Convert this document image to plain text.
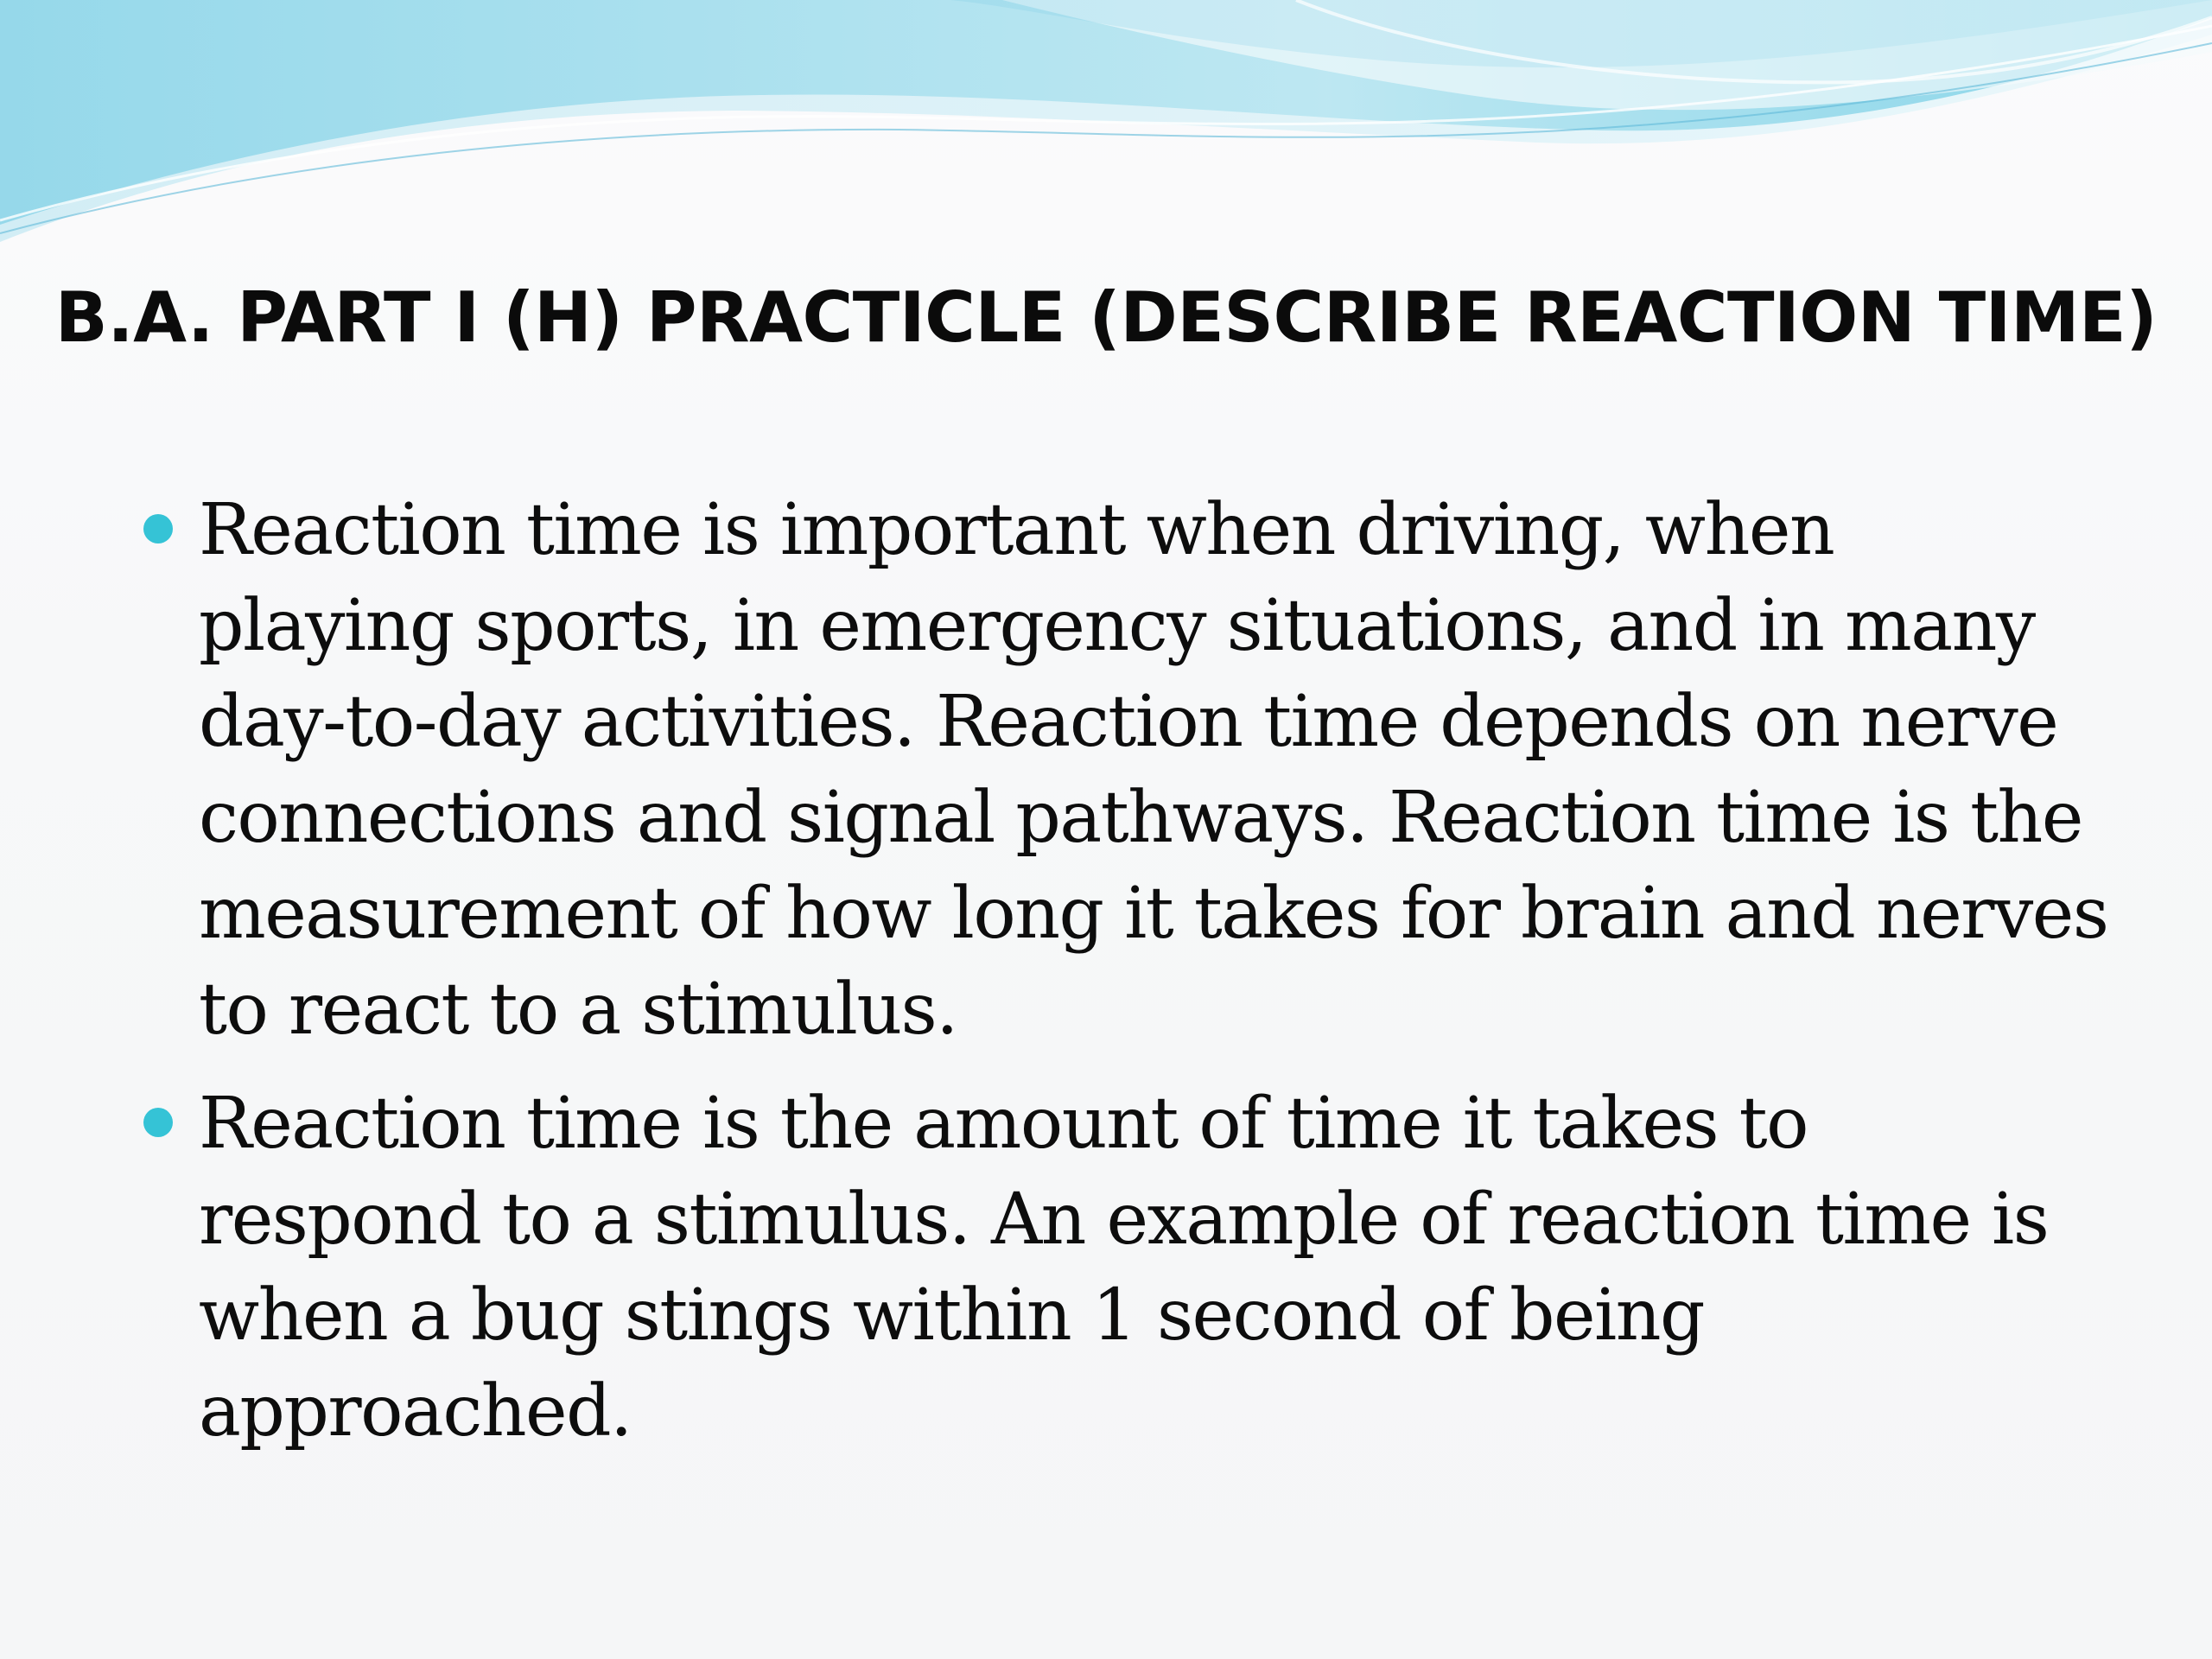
B.A. PART I (H) PRACTICLE (DESCRIBE REACTION TIME)
Reaction time is important when driving, when
playing sports, in emergency situations, and in many
day-to-day activities. Reaction time depends on nerve
connections and signal pathways. Reaction time is the
measurement of how long it takes for brain and nerves
to react to a stimulus.
Reaction time is the amount of time it takes to
respond to a stimulus. An example of reaction time is
when a bug stings within 1 second of being
approached.
